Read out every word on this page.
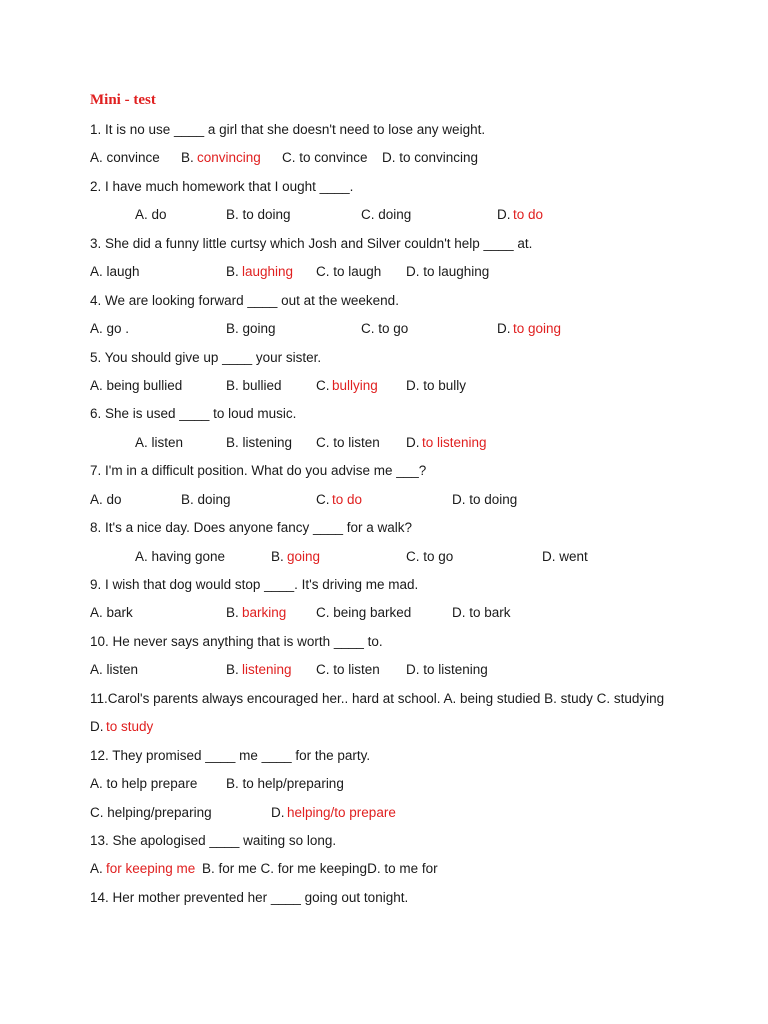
Mini - test
1. It is no use ____ a girl that she doesn't need to lose any weight.
A. convince B. convincing C. to convince D. to convincing
2. I have much homework that I ought ____.
A. do	B. to doing	C. doing	D. to do
3. She did a funny little curtsy which Josh and Silver couldn't help ____ at.
A. laugh	B. laughing C. to laugh D. to laughing
4. We are looking forward ____ out at the weekend.
A. go .	B. going	C. to go	D. to going
5. You should give up ____ your sister.
A. being bullied	B. bullied	C. bullying D. to bully
6. She is used ____ to loud music.
A. listen	B. listening C. to listen D. to listening
7. I'm in a difficult position. What do you advise me ___?
A. do	B. doing	C. to do	D. to doing
8. It's a nice day. Does anyone fancy ____ for a walk?
A. having gone	B. going	C. to go	D. went
9. I wish that dog would stop ____. It's driving me mad.
A. bark	B. barking C. being barked	D. to bark
10. He never says anything that is worth ____ to.
A. listen	B. listening C. to listen D. to listening
11.Carol's parents always encouraged her.. hard at school. A. being studied B. study C. studying
D. to study
12. They promised ____ me ____ for the party.
A. to help prepare B. to help/preparing
C. helping/preparing	D. helping/to prepare
13. She apologised ____ waiting so long.
A. for keeping me B. for me C. for me keepingD. to me for
14. Her mother prevented her ____ going out tonight.
